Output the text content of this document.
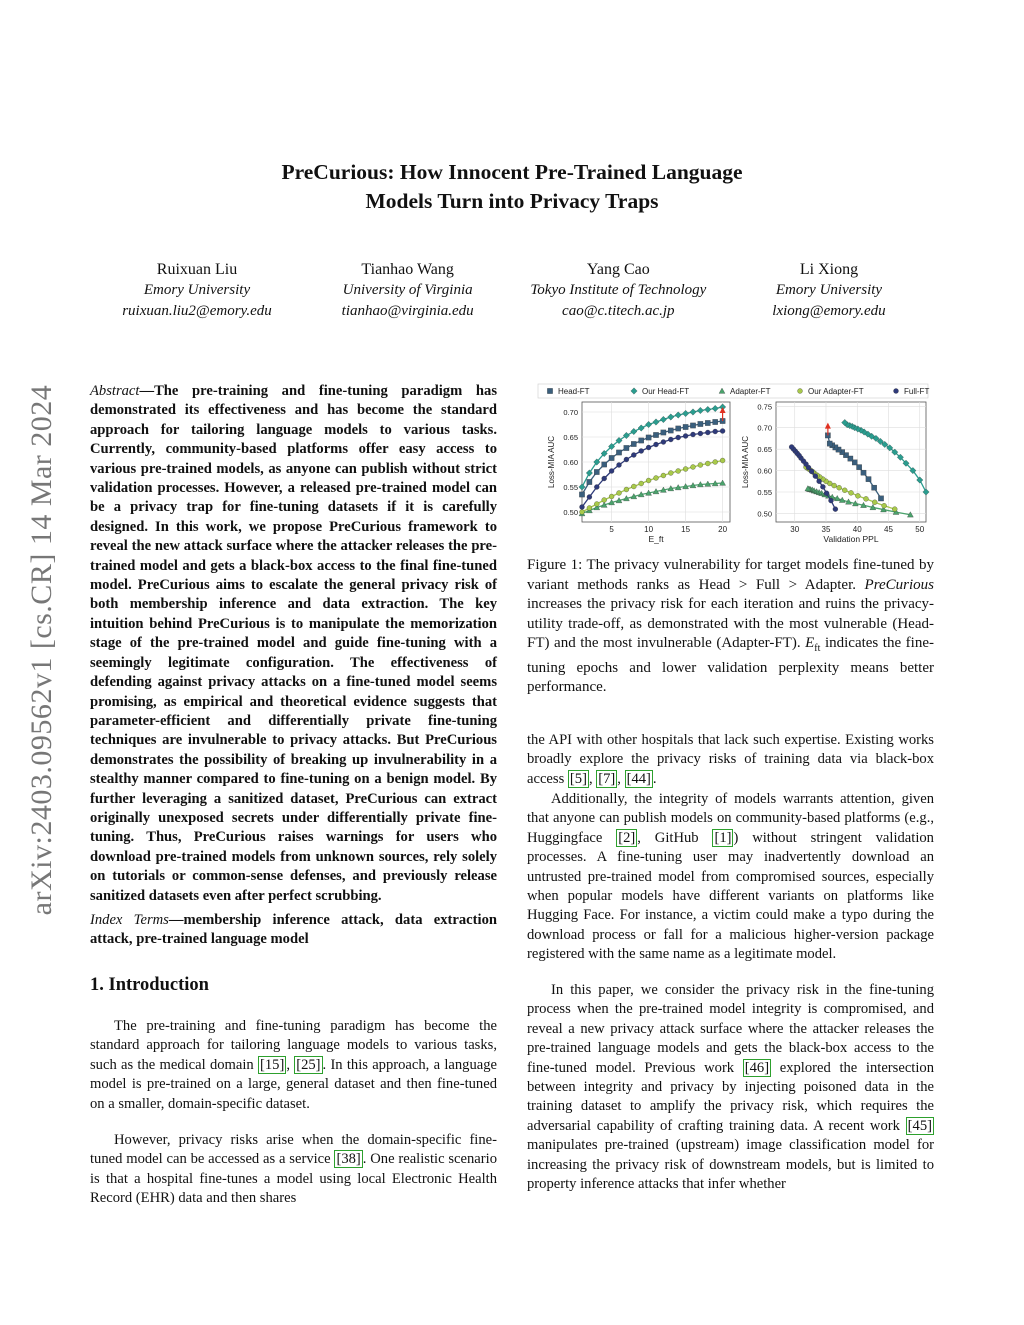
arXiv:2403.09562v1 [cs.CR] 14 Mar 2024
PreCurious: How Innocent Pre-Trained Language
Models Turn into Privacy Traps
Ruixuan Liu
Emory University
ruixuan.liu2@emory.edu
Tianhao Wang
University of Virginia
tianhao@virginia.edu
Yang Cao
Tokyo Institute of Technology
cao@c.titech.ac.jp
Li Xiong
Emory University
lxiong@emory.edu
Abstract—The pre-training and fine-tuning paradigm has demonstrated its effectiveness and has become the standard approach for tailoring language models to various tasks. Currently, community-based platforms offer easy access to various pre-trained models, as anyone can publish without strict validation processes. However, a released pre-trained model can be a privacy trap for fine-tuning datasets if it is carefully designed. In this work, we propose PreCurious framework to reveal the new attack surface where the attacker releases the pre-trained model and gets a black-box access to the final fine-tuned model. PreCurious aims to escalate the general privacy risk of both membership inference and data extraction. The key intuition behind PreCurious is to manipulate the memorization stage of the pre-trained model and guide fine-tuning with a seemingly legitimate configuration. The effectiveness of defending against privacy attacks on a fine-tuned model seems promising, as empirical and theoretical evidence suggests that parameter-efficient and differentially private fine-tuning techniques are invulnerable to privacy attacks. But PreCurious demonstrates the possibility of breaking up invulnerability in a stealthy manner compared to fine-tuning on a benign model. By further leveraging a sanitized dataset, PreCurious can extract originally unexposed secrets under differentially private fine-tuning. Thus, PreCurious raises warnings for users who download pre-trained models from unknown sources, rely solely on tutorials or common-sense defenses, and previously release sanitized datasets even after perfect scrubbing.
Index Terms—membership inference attack, data extraction attack, pre-trained language model
1. Introduction
The pre-training and fine-tuning paradigm has become the standard approach for tailoring language models to various tasks, such as the medical domain [15] , [25] . In this approach, a language model is pre-trained on a large, general dataset and then fine-tuned on a smaller, domain-specific dataset.
However, privacy risks arise when the domain-specific fine-tuned model can be accessed as a service [38] . One realistic scenario is that a hospital fine-tunes a model using local Electronic Health Record (EHR) data and then shares
Head-FT	Our Head-FT	Adapter-FT	Our Adapter-FT	Full-FT
5	10	15	20
0.50
0.55
0.60
0.65
0.70
E_ft
Loss-MIA AUC
30	35	40	45	50
0.50
0.55
0.60
0.65
0.70
0.75
Validation PPL
Loss-MIA AUC
Figure 1: The privacy vulnerability for target models fine-tuned by variant methods ranks as Head > Full > Adapter. PreCurious increases the privacy risk for each iteration and ruins the privacy-utility trade-off, as demonstrated with the most vulnerable (Head-FT) and the most invulnerable (Adapter-FT). $E_{ft}$ indicates the fine-tuning epochs and lower validation perplexity means better performance.
the API with other hospitals that lack such expertise. Existing works broadly explore the privacy risks of training data via black-box access [5] , [7] , [44] .
Additionally, the integrity of models warrants attention, given that anyone can publish models on community-based platforms (e.g., Huggingface [2] , GitHub [1] ) without stringent validation processes. A fine-tuning user may inadvertently download an untrusted pre-trained model from compromised sources, especially when popular models have different variants on platforms like Hugging Face. For instance, a victim could make a typo during the download process or fall for a malicious higher-version package registered with the same name as a legitimate model.
In this paper, we consider the privacy risk in the fine-tuning process when the pre-trained model integrity is compromised, and reveal a new privacy attack surface where the attacker releases the pre-trained language models and gets the black-box access to the fine-tuned model. Previous work [46] explored the intersection between integrity and privacy by injecting poisoned data in the training dataset to amplify the privacy risk, which requires the adversarial capability of crafting training data. A recent work [45] manipulates pre-trained (upstream) image classification model for increasing the privacy risk of downstream models, but is limited to property inference attacks that infer whether
